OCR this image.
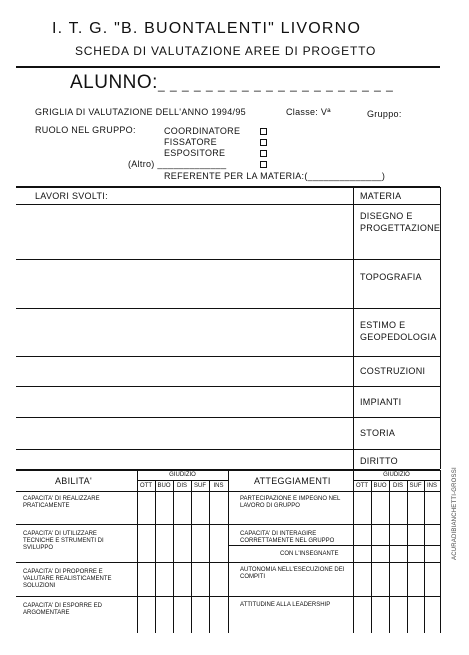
I. T. G. "B. BUONTALENTI" LIVORNO
SCHEDA DI VALUTAZIONE AREE DI PROGETTO
ALUNNO: _ _ _ _ _ _ _ _ _ _ _ _ _ _ _ _ _ _ _ _
GRIGLIA DI VALUTAZIONE DELL'ANNO 1994/95	Classe: Vª	Gruppo:
RUOLO NEL GRUPPO:	COORDINATORE
FISSATORE
ESPOSITORE
(Altro) _____________
REFERENTE PER LA MATERIA:(______________)
LAVORI SVOLTI:	MATERIA
DISEGNO E
PROGETTAZIONE
TOPOGRAFIA
ESTIMO E
GEOPEDOLOGIA
COSTRUZIONI
IMPIANTI
STORIA
DIRITTO
ABILITA'	ATTEGGIAMENTI
GIUDIZIO	GIUDIZIO
OTT BUO	DIS	SUF	INS	OTT BUO	DIS	SUF INS
CAPACITA' DI REALIZZARE PRATICAMENTE
CAPACITA' DI UTILIZZARE TECNICHE E STRUMENTI DI SVILUPPO
CAPACITA' DI PROPORRE E VALUTARE REALISTICAMENTE SOLUZIONI
CAPACITA' DI ESPORRE ED ARGOMENTARE
PARTECIPAZIONE E IMPEGNO NEL LAVORO DI GRUPPO
CAPACITA' DI INTERAGIRE CORRETTAMENTE NEL GRUPPO
CON L'INSEGNANTE
AUTONOMIA NELL'ESECUZIONE DEI COMPITI
ATTITUDINE ALLA LEADERSHIP
ACURADIBIANCHETTI-GROSSI
